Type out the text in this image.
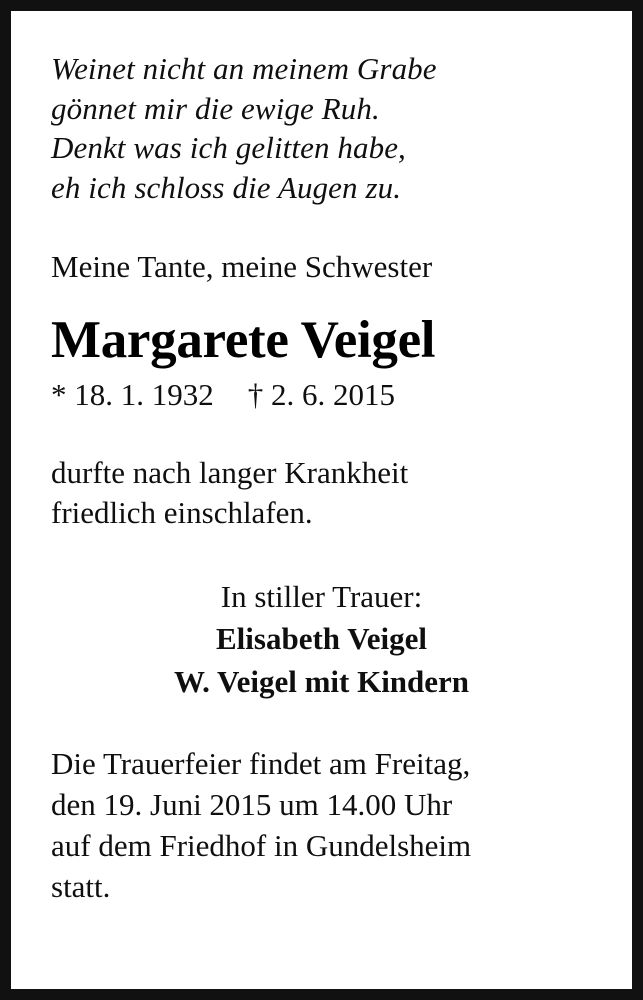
Weinet nicht an meinem Grabe
gönnet mir die ewige Ruh.
Denkt was ich gelitten habe,
eh ich schloss die Augen zu.
Meine Tante, meine Schwester
Margarete Veigel
* 18. 1. 1932 † 2. 6. 2015
durfte nach langer Krankheit
friedlich einschlafen.
In stiller Trauer:
Elisabeth Veigel
W. Veigel mit Kindern
Die Trauerfeier findet am Freitag,
den 19. Juni 2015 um 14.00 Uhr
auf dem Friedhof in Gundelsheim
statt.
